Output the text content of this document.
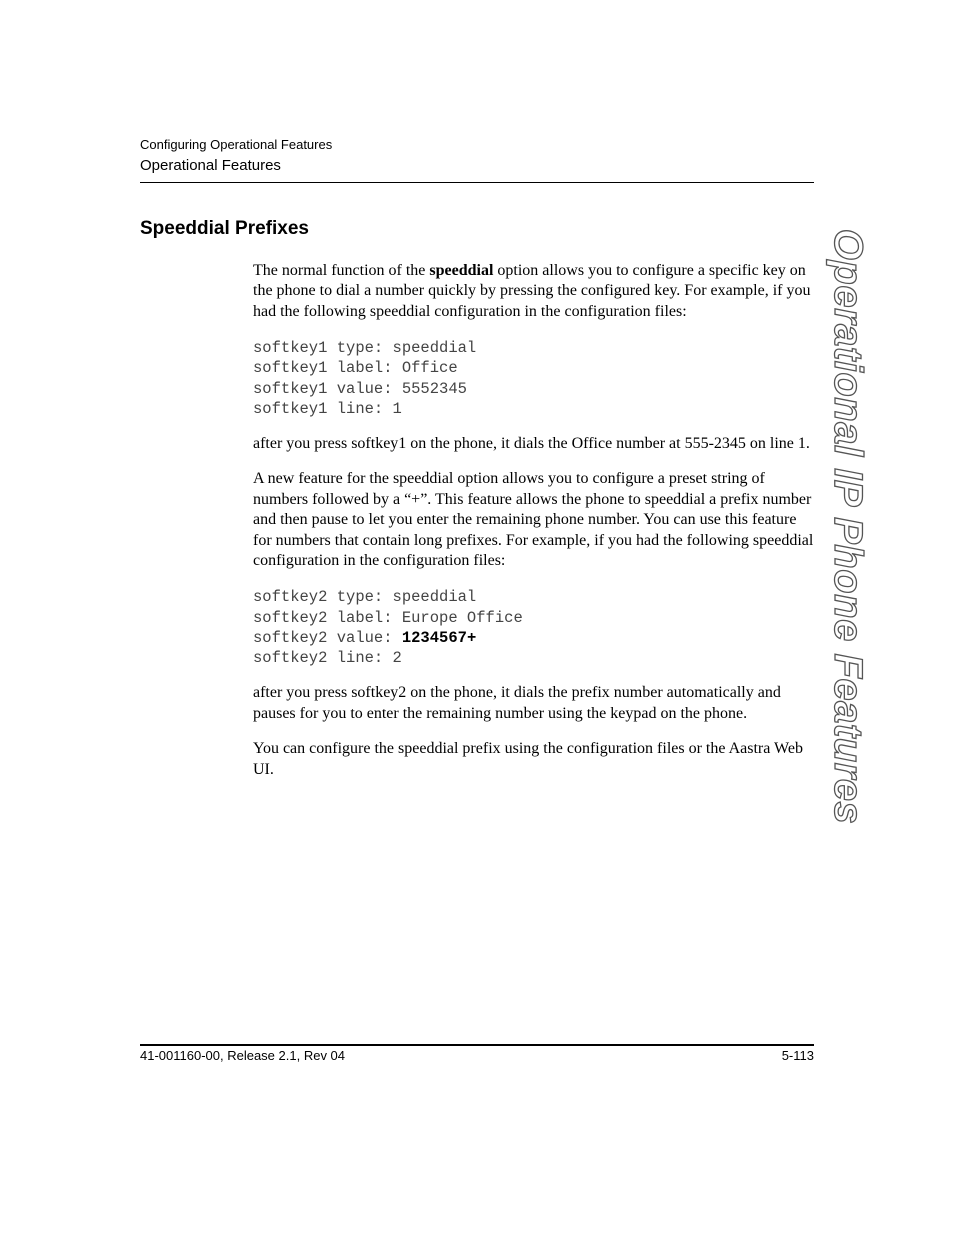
Configuring Operational Features
Operational Features
Speeddial Prefixes

The normal function of the speeddial option allows you to configure a specific key on the phone to dial a number quickly by pressing the configured key. For example, if you had the following speeddial configuration in the configuration files:

softkey1 type: speeddial
softkey1 label: Office
softkey1 value: 5552345
softkey1 line: 1

after you press softkey1 on the phone, it dials the Office number at 555-2345 on line 1.

A new feature for the speeddial option allows you to configure a preset string of numbers followed by a “+”. This feature allows the phone to speeddial a prefix number and then pause to let you enter the remaining phone number. You can use this feature for numbers that contain long prefixes. For example, if you had the following speeddial configuration in the configuration files:

softkey2 type: speeddial
softkey2 label: Europe Office
softkey2 value: 1234567+
softkey2 line: 2

after you press softkey2 on the phone, it dials the prefix number automatically and pauses for you to enter the remaining number using the keypad on the phone.

You can configure the speeddial prefix using the configuration files or the Aastra Web UI.	Operational IP Phone Features
41-001160-00, Release 2.1, Rev 04	5-113
